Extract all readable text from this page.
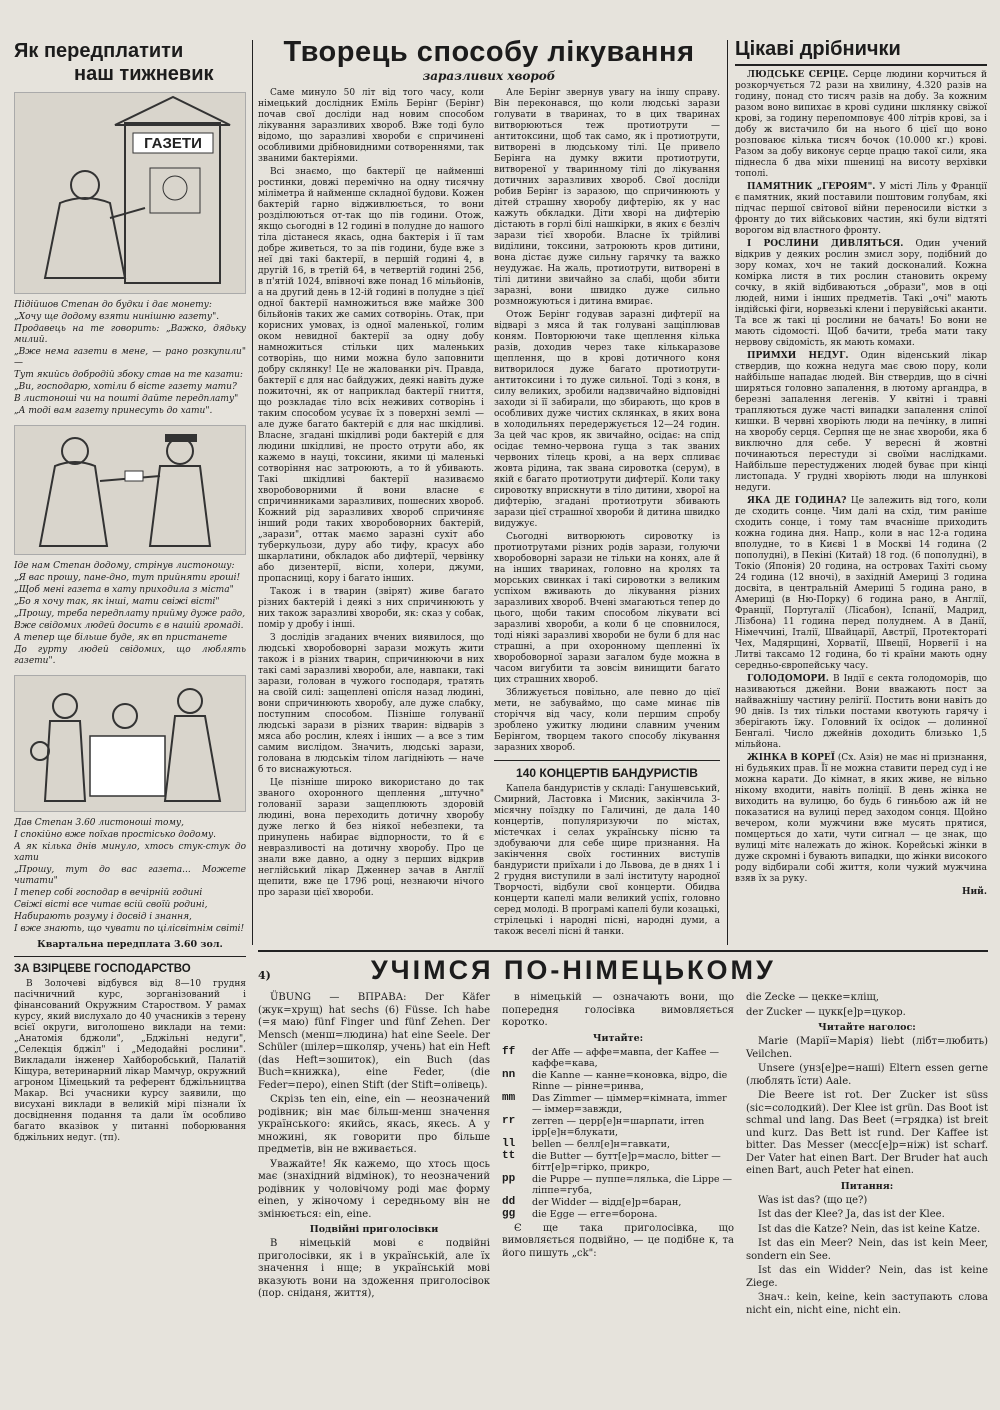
Як передплатити
наш тижневик
ГАЗЕТИ

Підійшов Степан до будки і дає монету:

„Хочу ще додому взяти нинішню газету".

Продавець на те говорить: „Важко, дядьку милий.

„Вже нема газети в мене, — рано розкупили" —

Тут якийсь добродій збоку став на те казати:

„Ви, господарю, хотіли б вісте газету мати?

В листоноші чи на пошті дайте передплату"

„А тоді вам газету принесуть до хати".

Іде нам Степан додому, стрінув листоношу:

„Я вас прошу, пане-дно, тут прийняти гроші!

„Щоб мені газета в хату приходила з міста"

„Бо я хочу так, як інші, мати свіжі вісті"

„Прошу, треба передплату прийму дуже радо,

Вже свідомих людей досить є в нашій громаді.

А тепер ще більше буде, як вп пристанете

До гурту людей свідомих, що люблять газети".

Дав Степан 3.60 листоноші тому,

І спокійно вже поїхав простісько додому.

А як кілька днів минуло, хтось стук-стук до хати

„Прошу, тут до вас газета... Можете читати"

І тепер собі господар в вечірній годині

Свіжі вісті все читає всій своїй родині,

Набирають розуму і досвід і знання,

І вже знають, що чувати по цілісвітнім світі!

Квартальна передплата 3.60 зол.

ЗА ВЗІРЦЕВЕ ГОСПОДАРСТВО

В Золочеві відбувся від 8—10 грудня пасічничний курс, зорганізований і фінансований Окружним Староством. У рамах курсу, який вислухало до 40 учасників з терену всієї округи, виголошено виклади на теми: „Анатомія бджоли", „Бджільні недуги", „Селекція бджіл" і „Медодайні рослини". Викладали інженер Хайборобський, Палатій Кіщура, ветеринарний лікар Мамчур, окружний агроном Цімецький та референт бджільництва Макар. Всі учасники курсу заявили, що висухані виклади в великій мірі пізнали їх досвіднення подання та дали їм особливо багато вказівок у питанні поборювання бджільних недуг. (тп).

Творець способу лікування
заразливих хвороб

Саме минуло 50 літ від того часу, коли німецький дослідник Еміль Берінг (Берінг) почав свої досліди над новим способом лікування заразливих хвороб. Вже тоді було відомо, що заразливі хвороби є спричинені особливими дрібновидними сотвореннями, так званими бактеріями.

Всі знаємо, що бактерії це найменші ростинки, довжі перемічно на одну тисячну міліметра й найменше складної будови. Кожен бактерій гарно відживлюється, то вони розділюються от-так що пів години. Отож, якщо сьогодні в 12 годині в полудне до нашого тіла дістанеся якась, одна бактерія і її там добре живеться, то за пів години, буде вже з неї дві такі бактерії, в першій годині 4, в другій 16, в третій 64, в четвертій годині 256, в п'ятій 1024, впівночі вже понад 16 мільйонів, а на другий день в 12-ій годині в полудне з цієї одної бактерії намножиться вже майже 300 більйонів таких же самих сотворінь. Отак, при корисних умовах, із одної маленької, голим оком невидної бактерії за одну добу намножиться стільки цих маленьких сотворінь, що ними можна було заповнити добру склянку! Це не жалованки річ. Правда, бактерії є для нас байдужих, деякі навіть дуже пожиточні, як от наприклад бактерії гниття, що розкладає тіло всіх неживих сотворінь і таким способом усуває їх з поверхні землі — але дуже багато бактерій є для нас шкідливі. Власне, згадані шкідливі роди бактерій є для людини шкідливі, не просто отрути або, як кажемо в науці, токсини, якими ці маленькі сотворіння нас затроюють, а то й убивають. Такі шкідливі бактерії називаємо хворобоворними й вони власне є спричинниками заразливих, пошесних хвороб. Кожний рід заразливих хвороб спричиняє інший роди таких хворобоворних бактерій, „зарази", оттак маємо заразні сухіт або туберкульози, дуру або тифу, красух або шкарлатини, обкладок або дифтерії, червінку або дизентерії, віспи, холери, джуми, пропасниці, кору і багато інших.

Також і в тварин (звірят) живе багато різних бактерій і деякі з них спричинюють у них також заразливі хвороби, як: сказ у собак, помір у дробу і інші.

З дослідів згаданих вчених виявилося, що людські хворобоворні зарази можуть жити також і в різних тварин, спричинюючи в них такі самі заразливі хвороби, але, навпаки, такі зарази, голован в чужого господаря, тратять на своїй силі: защеплені опісля назад людині, вони спричинюють хворобу, але дуже слабку, поступним способом. Пізніше голуванії людські зарази в різних тварин: відварів з мяса або рослин, клеях і інших — а все з тим самим вислідом. Значить, людські зарази, голована в людськім тілом лагідніють — наче б то виснажуються.

Це пізніше широко використано до так званого охоронного щеплення „штучно" голованії зарази защеплюють здоровій людині, вона переходить дотичну хворобу дуже легко й без ніякої небезпеки, та принупень набирає відпорности, то й є невразливості на дотичну хворобу. Про це знали вже давно, а одну з перших відкрив неглійський лікар Дженнер зачав в Англії щепити, вже це 1796 році, незнаючи нічого про зарази цієї хвороби.

Але Берінг звернув увагу на іншу справу. Він переконався, що коли людські зарази голувати в тваринах, то в цих тваринах витворюються теж протиотрути — антитоксини, щоб так само, як і протиотрути, витворені в людському тілі. Це привело Берінга на думку вжити протиотрути, витвореної у тваринному тілі до лікування дотичних заразливих хвороб. Свої досліди робив Берінг із заразою, що спричинюють у дітей страшну хворобу дифтерію, як у нас кажуть обкладки. Діти хворі на дифтерію дістають в горлі білі нашкірки, в яких є безліч зарази тієї хвороби. Власне їх трійливі виділини, токсини, затроюють кров дитини, вона дістає дуже сильну гарячку та важко неудужає. На жаль, протиотрути, витворені в тілі дитини звичайно за слабі, щоби збити заразні, вони швидко дуже сильно розмножуються і дитина вмирає.

Отож Берінг годував заразні дифтерії на відварі з мяса й так голувані защіплював коням. Повторюючи таке щеплення кілька разів, доходив через таке кількаразове щеплення, що в крові дотичного коня витворилося дуже багато протиотрути-антитоксини і то дуже сильної. Тоді з коня, в силу великих, зробили надзвичайно відповідні заходи зі її забирали, що збирають, що кров в особливих дуже чистих склянках, в яких вона в холодильнях передержується 12—24 годин. За цей час кров, як звичайно, осідає: на спід осідає темно-червона гуща з так званих червоних тілець крові, а на верх спливає жовта рідина, так звана сировотка (серум), в якій є багато протиотрути дифтерії. Коли таку сировотку вприскнути в тіло дитини, хворої на дифтерію, згадані протиотрути збивають зарази цієї страшної хвороби й дитина швидко видужує.

Сьогодні витворюють сировотку із протиотрутами різних родів зарази, голуючи хворобоворні зарази не тільки на конях, але й на інших тваринах, головно на кролях та морських свинках і такі сировотки з великим успіхом вживають до лікування різних заразливих хвороб. Вчені змагаються тепер до цього, щоби таким способом лікувати всі заразливі хвороби, а коли б це сповнилося, тоді ніякі заразливі хвороби не були б для нас страшні, а при охоронному щепленні їх хворобоворної зарази загалом буде можна в часом вигубити та зовсім винищити багато цих страшних хвороб.

Зближується повільно, але певно до цієї мети, не забуваймо, що саме минає пів сторіччя від часу, коли першим спробу зроблено ужитку людини славним ученим Берінгом, творцем такого способу лікування заразних хвороб.

140 КОНЦЕРТІВ БАНДУРИСТІВ

Капела бандуристів у складі: Ганушевський, Смирний, Ластовка і Мисник, закінчила 3-місячну поїздку по Галичині, де дала 140 концертів, популяризуючи по містах, містечках і селах українську пісню та здобуваючи для себе щире признання. На закінчення своїх гостинних виступів бандуристи приїхали і до Львова, де в днях 1 і 2 грудня виступили в залі інституту народної Творчості, відбули свої концерти. Обидва концерти капелі мали великий успіх, головно серед молоді. В програмі капелі були козацькі, стрілецькі і народні пісні, народні думи, а також веселі пісні й танки.

Цікаві дрібнички

ЛЮДСЬКЕ СЕРЦЕ. Серце людини корчиться й розкорчується 72 рази на хвилину, 4.320 разів на годину, понад сто тисяч разів на добу. За кожним разом воно випихає в крові судини шклянку свіжої крові, за годину перепомповує 400 літрів крові, за і добу ж вистачило би на нього б цієї що воно розповаює кілька тисяч бочок (10.000 кг.) крові. Разом за добу виконує серце працю такої сили, яка піднесла б два міхи пшениці на висоту верхівки тополі.

ПАМЯТНИК „ГЕРОЯМ". У місті Ліль у Франції є памятник, який поставили поштовим голубам, які підчас першої світової війни переносили вістки з фронту до тих військових частин, які були відтяті ворогом від властного фронту.

І РОСЛИНИ ДИВЛЯТЬСЯ. Один учений відкрив у деяких рослин змисл зору, подібний до зору комах, хоч не такий досконалий. Кожна комірка листя в тих рослин становить окрему сочку, в якій відбиваються „образи", мов в оці людей, ними і інших предметів. Такі „очі" мають індійські фіги, норвезькі клени і перувійські аканти. Та все ж такі ці рослини не бачать! Бо вони не мають сідомості. Щоб бачити, треба мати таку нервову свідомість, як мають комахи.

ПРИМХИ НЕДУГ. Один віденський лікар ствердив, що кожна недуга має свою пору, коли найбільше нападає людей. Він ствердив, що в січні ширяться головно запалення, в лютому аргандра, в березні запалення легенів. У квітні і травні трапляються дуже часті випадки запалення сліпої кишки. В червні хворіють люди на печінку, в липні на хворобу серця. Серпня ще не знає хвороби, яка б виключно для себе. У вересні й жовтні починаються перестуди зі своїми наслідками. Найбільше перестуджених людей буває при кінці листопада. У грудні хворіють люди на шлункові недуги.

ЯКА ДЕ ГОДИНА? Це залежить від того, коли де сходить сонце. Чим далі на схід, тим раніше сходить сонце, і тому там вчасніше приходить кожна година дня. Напр., коли в нас 12-а година вполудне, то в Києві 1 в Москві 14 година (2 пополудні), в Пекіні (Китай) 18 год. (6 пополудні), в Токіо (Японія) 20 година, на островах Тахіті сьому 24 година (12 вночі), в західній Америці 3 година досвіта, в центральній Америці 5 година рано, в Америці (в Ню-Порку) 6 година рано, в Англії, Франції, Португалії (Лісабон), Іспанії, Мадрид, Лізбона) 11 година перед полуднем. А в Данії, Німеччині, Італії, Швайцарії, Австрії, Протектораті Чех, Мадярщині, Хорватії, Швеції, Норвегії і на Литві таксамо 12 година, бо ті країни мають одну середньо-європейську часу.

ГОЛОДОМОРИ. В Індії є секта голодоморів, що називаються джейни. Вони вважають пост за найважнішу частину релігії. Постить вони навіть до 90 днів. Із тих тільки постами квотують гарячу і зберігають їжу. Головний їх осідок — долинної Бенгалі. Число джейнів доходить близько 1,5 мільйона.

ЖІНКА В КОРЕЇ (Сх. Азія) не має ні признання, ні будьяких прав. Її не можна ставити перед суд і не можна карати. До кімнат, в яких живе, не вільно нікому входити, навіть поліції. В день жінка не виходить на вулицю, бо будь 6 гиньбою аж ій не показатися на вулиці перед заходом сонця. Щойно вечером, коли мужчини вже мусять прятися, помцерться до хати, чути сигнал — це знак, що вулиці мітє належать до жінок. Корейські жінки в дуже скромні і бувають випадки, що жінки високого роду відбирали собі життя, коли чужий мужчина взяв їх за руку.

Ний.

4)	УЧІМСЯ ПО-НІМЕЦЬКОМУ

ÜBUNG — ВПРАВА: Der Käfer (жук=хрущ) hat sechs (6) Füsse. Ich habe (=я маю) fünf Finger und fünf Zehen. Der Mensch (менш=людина) hat eine Seele. Der Schüler (шілер=школяр, учень) hat ein Heft (das Heft=зошиток), ein Buch (das Buch=книжка), eine Feder, (die Feder=перо), einen Stift (der Stift=олівець).

Скрізь ten ein, eine, ein — неозначений родівник; він має більш-менш значення українського: якийсь, якась, якесь. А у множині, як говорити про більше предметів, він не вживається.

Уважайте! Як кажемо, що хтось щось має (знахідний відмінок), то неозначений родівник у чоловічому роді має форму einen, у жіночому і середньому він не змінюється: ein, eine.

Подвійні приголосівки

В німецькій мові є подвійні приголосівки, як і в українській, але їх значення і нще; в українській мові вказують вони на здоження приголосівок (пор. сніданя, життя),

в німецькій — означають вони, що попередня голосівка вимовляється коротко.

Читайте:

ff	der Affe — аффе=мавпа, der Kaffee — каффе=кава,
nn	die Kanne — канне=коновка, відро, die Rinne — рінне=ринва,
mm	Das Zimmer — ціммер=кімната, immer — іммер=завжди,
rr	zerren — церр[е]н=шарпати, irren ірр[е]н=блукати,
ll	bellen — белл[е]н=гавкати,
tt	die Butter — бутт[е]р=масло, bitter — бітт[е]р=гірко, прикро,
pp	die Puppe — пуппе=лялька, die Lippe — ліппе=губа,
dd	der Widder — відд[е]р=баран,
gg	die Egge — егге=борона.

Є ще така приголосівка, що вимовляється подвійно, — це подібне к, та його пишуть „ck":

die Zecke — цекке=кліщ,

der Zucker — цукк[е]р=цукор.

Читайте наголос:

Marie (Марії=Марія) liebt (лібт=любить) Veilchen.

Unsere (унз[е]ре=наші) Eltern essen gerne (люблять їсти) Aale.

Die Beere ist rot. Der Zucker ist süss (sic=солодкий). Der Klee ist grün. Das Boot ist schmal und lang. Das Beet (=грядка) ist breit und kurz. Das Bett ist rund. Der Kaffee ist bitter. Das Messer (месс[е]р=ніж) ist scharf. Der Vater hat einen Bart. Der Bruder hat auch einen Bart, auch Peter hat einen.

Питання:

Was ist das? (що це?)

Ist das der Klee? Ja, das ist der Klee.

Ist das die Katze? Nein, das ist keine Katze.

Ist das ein Meer? Nein, das ist kein Meer, sondern ein See.

Ist das ein Widder? Nein, das ist keine Ziege.

Знач.: kein, keine, kein заступають слова nicht ein, nicht eine, nicht ein.
